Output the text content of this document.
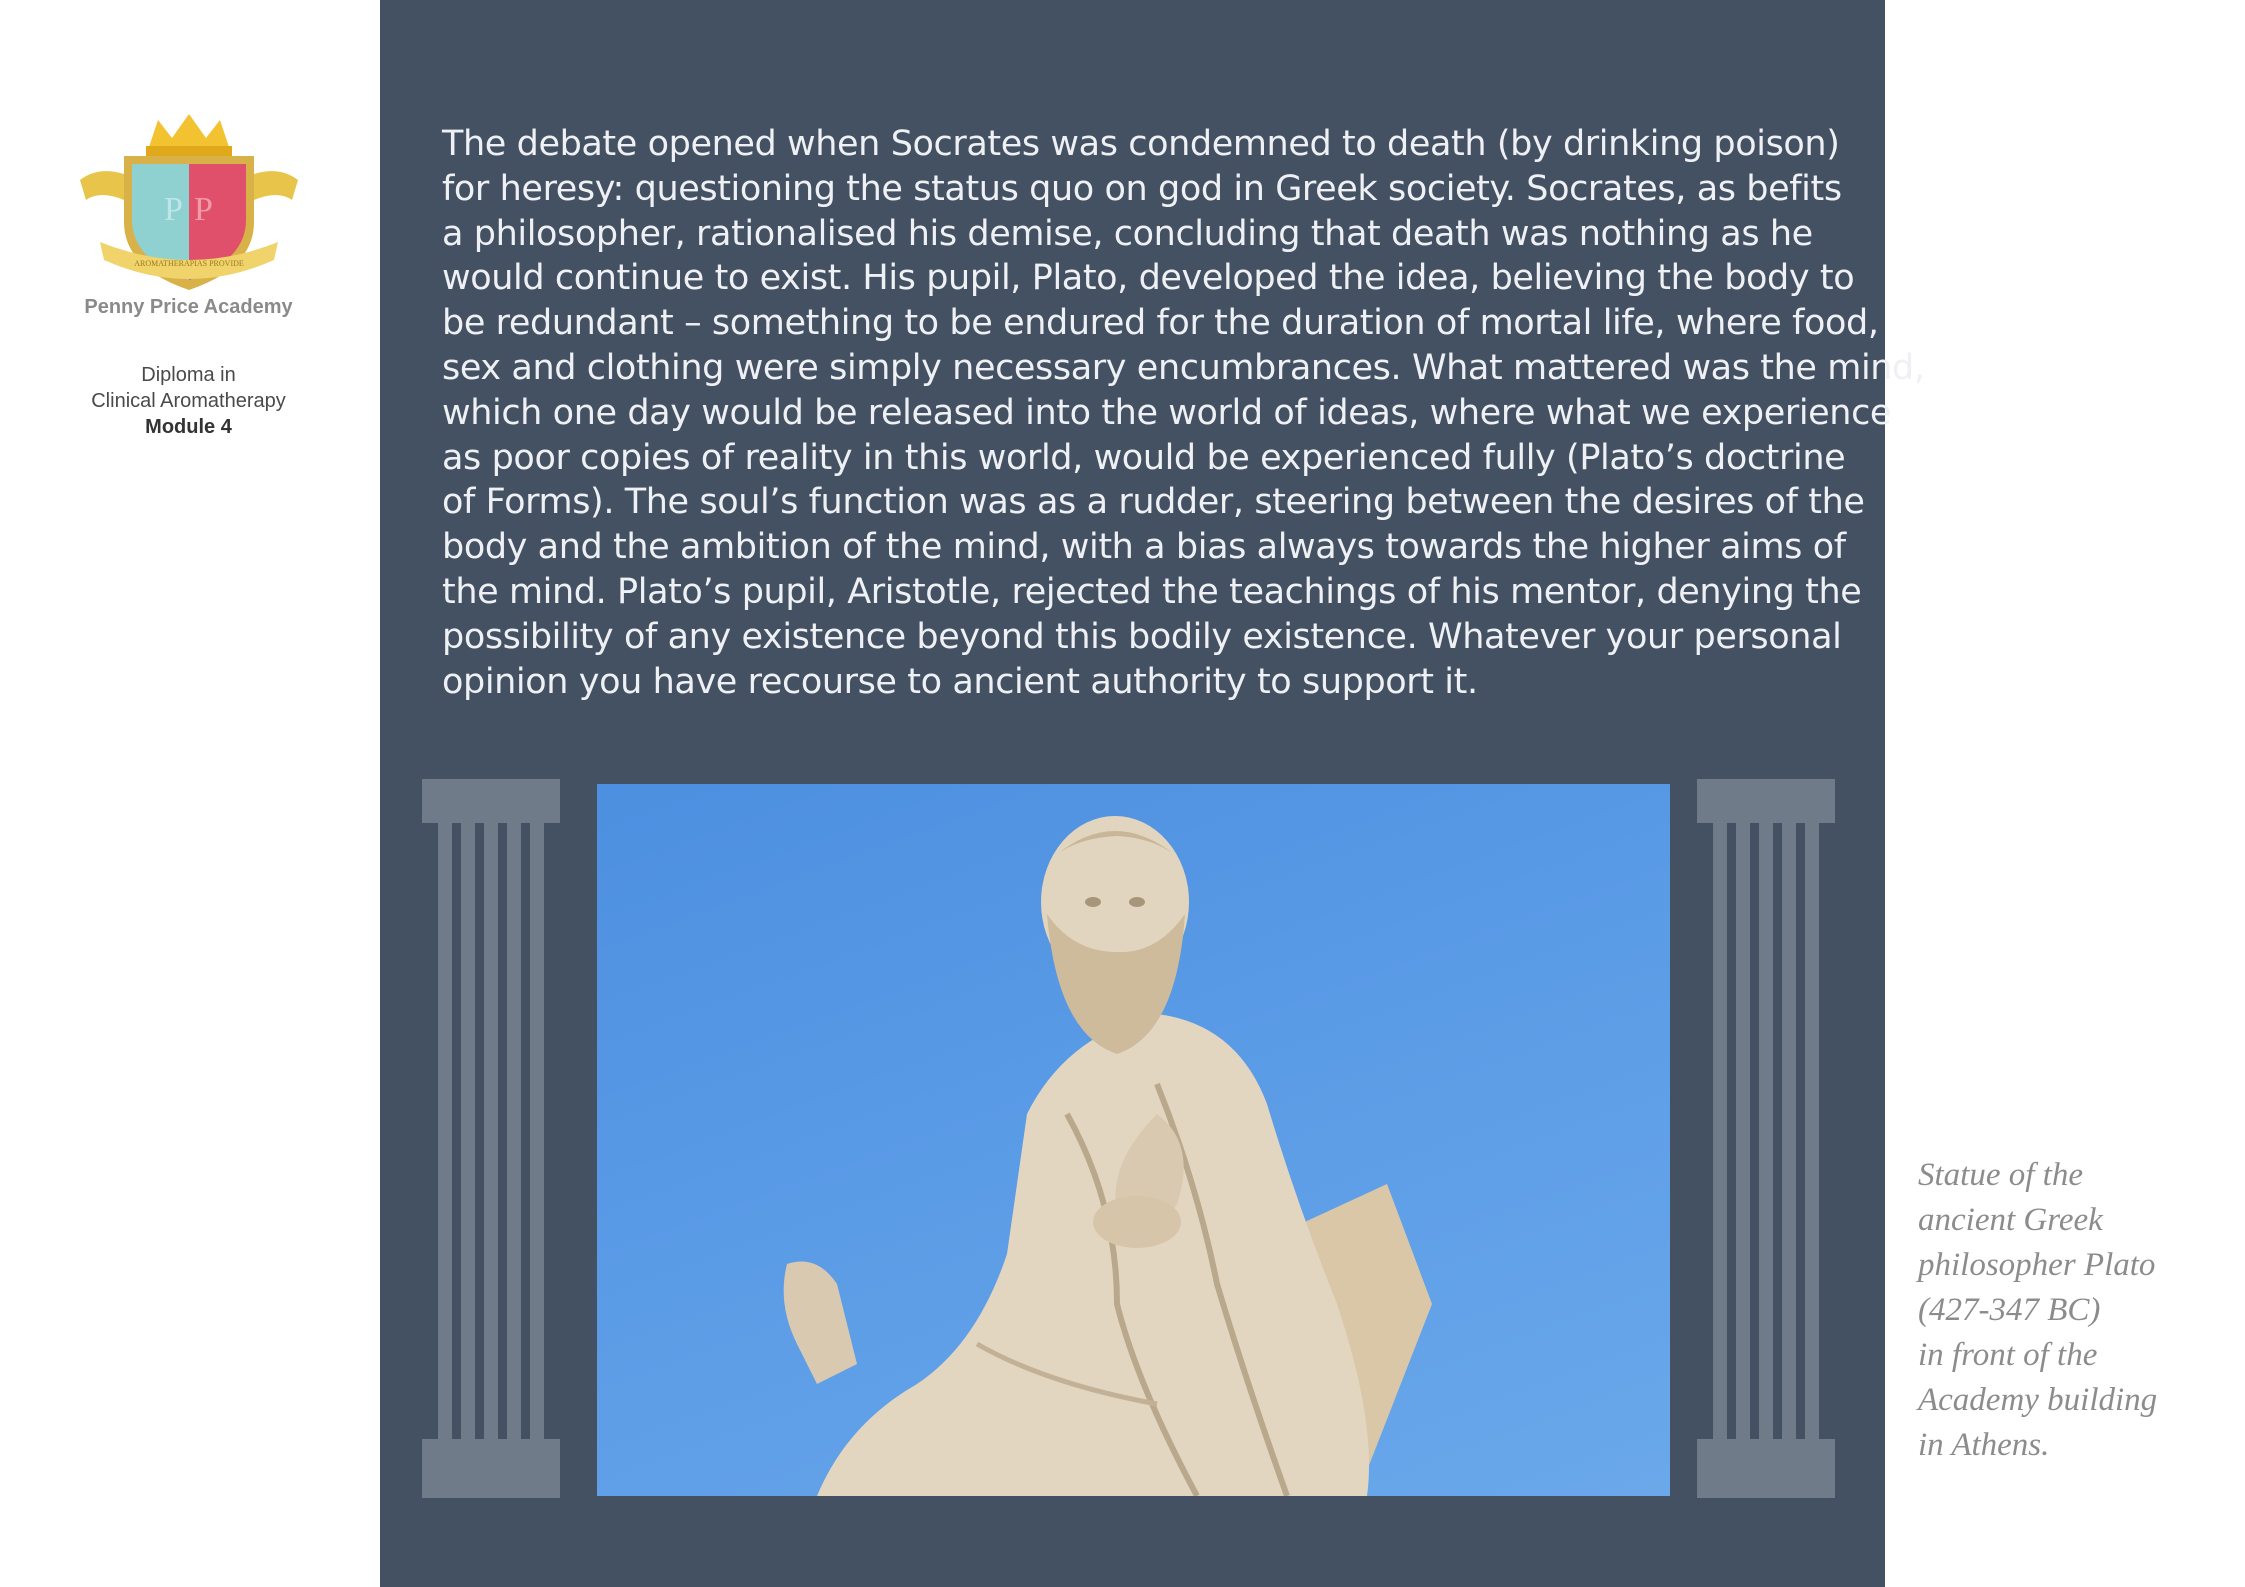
P P
AROMATHERAPIAS PROVIDE
Penny Price Academy
Diploma in
Clinical Aromatherapy
Module 4
The debate opened when Socrates was condemned to death (by drinking poison)
for heresy: questioning the status quo on god in Greek society. Socrates, as befits
a philosopher, rationalised his demise, concluding that death was nothing as he
would continue to exist. His pupil, Plato, developed the idea, believing the body to
be redundant – something to be endured for the duration of mortal life, where food,
sex and clothing were simply necessary encumbrances. What mattered was the mind,
which one day would be released into the world of ideas, where what we experience
as poor copies of reality in this world, would be experienced fully (Plato’s doctrine
of Forms). The soul’s function was as a rudder, steering between the desires of the
body and the ambition of the mind, with a bias always towards the higher aims of
the mind. Plato’s pupil, Aristotle, rejected the teachings of his mentor, denying the
possibility of any existence beyond this bodily existence. Whatever your personal
opinion you have recourse to ancient authority to support it.
Statue of the
ancient Greek
philosopher Plato
(427-347 BC)
in front of the
Academy building
in Athens.
